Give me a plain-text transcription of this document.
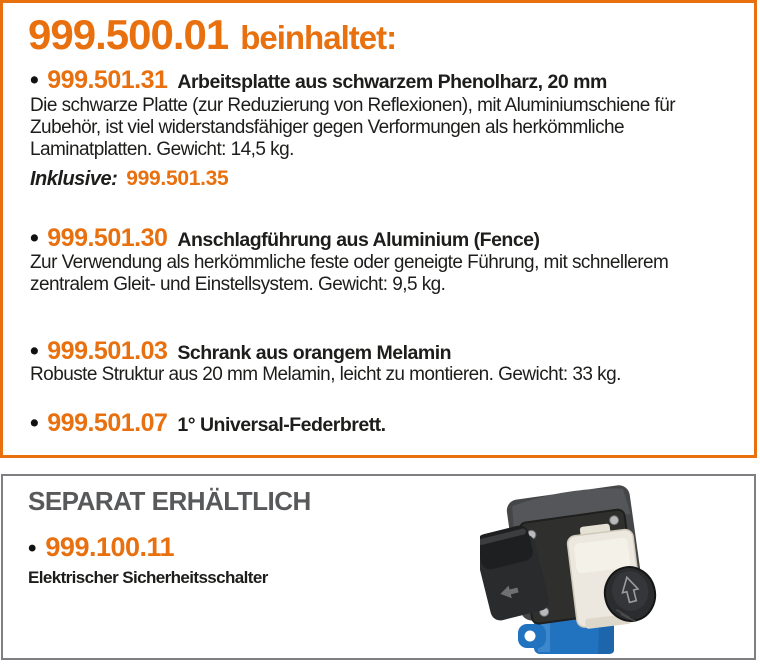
999.500.01 beinhaltet:
• 999.501.31 Arbeitsplatte aus schwarzem Phenolharz, 20 mm
Die schwarze Platte (zur Reduzierung von Reflexionen), mit Aluminiumschiene für Zubehör, ist viel widerstandsfähiger gegen Verformungen als herkömmliche Laminatplatten. Gewicht: 14,5 kg.
Inklusive: 999.501.35
• 999.501.30 Anschlagführung aus Aluminium (Fence)
Zur Verwendung als herkömmliche feste oder geneigte Führung, mit schnellerem zentralem Gleit- und Einstellsystem. Gewicht: 9,5 kg.
• 999.501.03 Schrank aus orangem Melamin
Robuste Struktur aus 20 mm Melamin, leicht zu montieren. Gewicht: 33 kg.
• 999.501.07 1° Universal-Federbrett.
SEPARAT ERHÄLTLICH
• 999.100.11
Elektrischer Sicherheitsschalter
